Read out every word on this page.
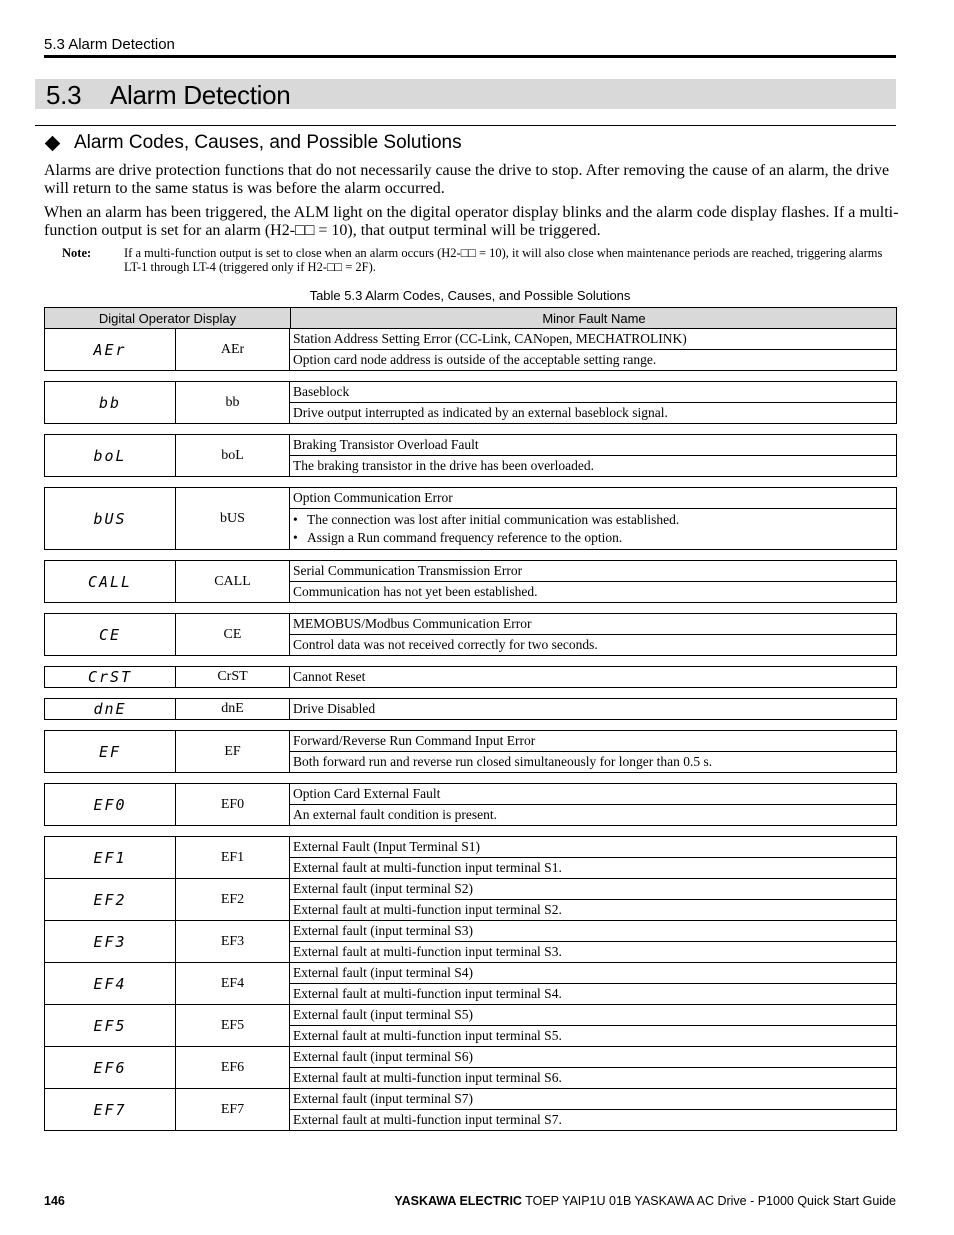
5.3 Alarm Detection
5.3 Alarm Detection
Alarm Codes, Causes, and Possible Solutions
Alarms are drive protection functions that do not necessarily cause the drive to stop. After removing the cause of an alarm, the drive will return to the same status is was before the alarm occurred.
When an alarm has been triggered, the ALM light on the digital operator display blinks and the alarm code display flashes. If a multi-function output is set for an alarm (H2-□□ = 10), that output terminal will be triggered.
Note:	If a multi-function output is set to close when an alarm occurs (H2-□□ = 10), it will also close when maintenance periods are reached, triggering alarms LT-1 through LT-4 (triggered only if H2-□□ = 2F).
Table 5.3 Alarm Codes, Causes, and Possible Solutions
Digital Operator Display	Minor Fault Name
AEr	AEr
Station Address Setting Error (CC-Link, CANopen, MECHATROLINK)
Option card node address is outside of the acceptable setting range.
bb	bb
Baseblock
Drive output interrupted as indicated by an external baseblock signal.
boL	boL
Braking Transistor Overload Fault
The braking transistor in the drive has been overloaded.
bUS	bUS
Option Communication Error
• The connection was lost after initial communication was established.
• Assign a Run command frequency reference to the option.
CALL	CALL
Serial Communication Transmission Error
Communication has not yet been established.
CE	CE
MEMOBUS/Modbus Communication Error
Control data was not received correctly for two seconds.
CrST	CrST	Cannot Reset
dnE	dnE	Drive Disabled
EF	EF
Forward/Reverse Run Command Input Error
Both forward run and reverse run closed simultaneously for longer than 0.5 s.
EF0	EF0
Option Card External Fault
An external fault condition is present.
EF1	EF1
External Fault (Input Terminal S1)
External fault at multi-function input terminal S1.
EF2	EF2
External fault (input terminal S2)
External fault at multi-function input terminal S2.
EF3	EF3
External fault (input terminal S3)
External fault at multi-function input terminal S3.
EF4	EF4
External fault (input terminal S4)
External fault at multi-function input terminal S4.
EF5	EF5
External fault (input terminal S5)
External fault at multi-function input terminal S5.
EF6	EF6
External fault (input terminal S6)
External fault at multi-function input terminal S6.
EF7	EF7
External fault (input terminal S7)
External fault at multi-function input terminal S7.
146	YASKAWA ELECTRIC TOEP YAIP1U 01B YASKAWA AC Drive - P1000 Quick Start Guide
